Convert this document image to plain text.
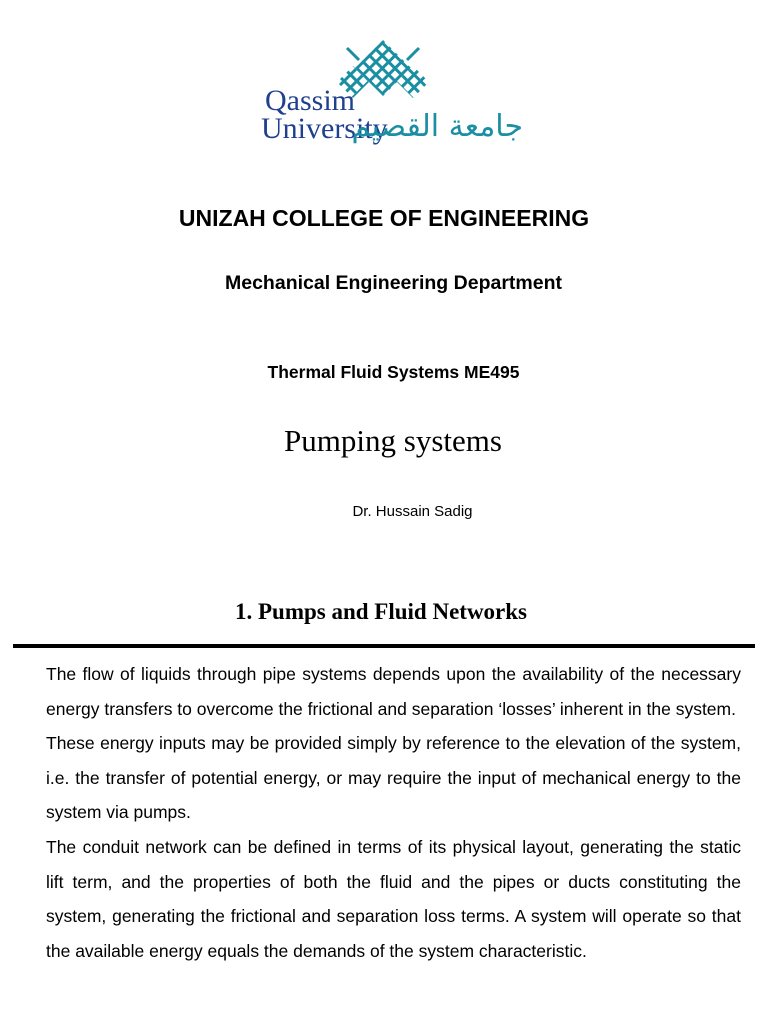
Qassim
University
جامعة القصيم
UNIZAH COLLEGE OF ENGINEERING
Mechanical Engineering Department
Thermal Fluid Systems ME495
Pumping systems
Dr. Hussain Sadig
1. Pumps and Fluid Networks

The flow of liquids through pipe systems depends upon the availability of the necessary energy transfers to overcome the frictional and separation ‘losses’ inherent in the system.

These energy inputs may be provided simply by reference to the elevation of the system, i.e. the transfer of potential energy, or may require the input of mechanical energy to the system via pumps.

The conduit network can be defined in terms of its physical layout, generating the static lift term, and the properties of both the fluid and the pipes or ducts constituting the system, generating the frictional and separation loss terms. A system will operate so that the available energy equals the demands of the system characteristic.
